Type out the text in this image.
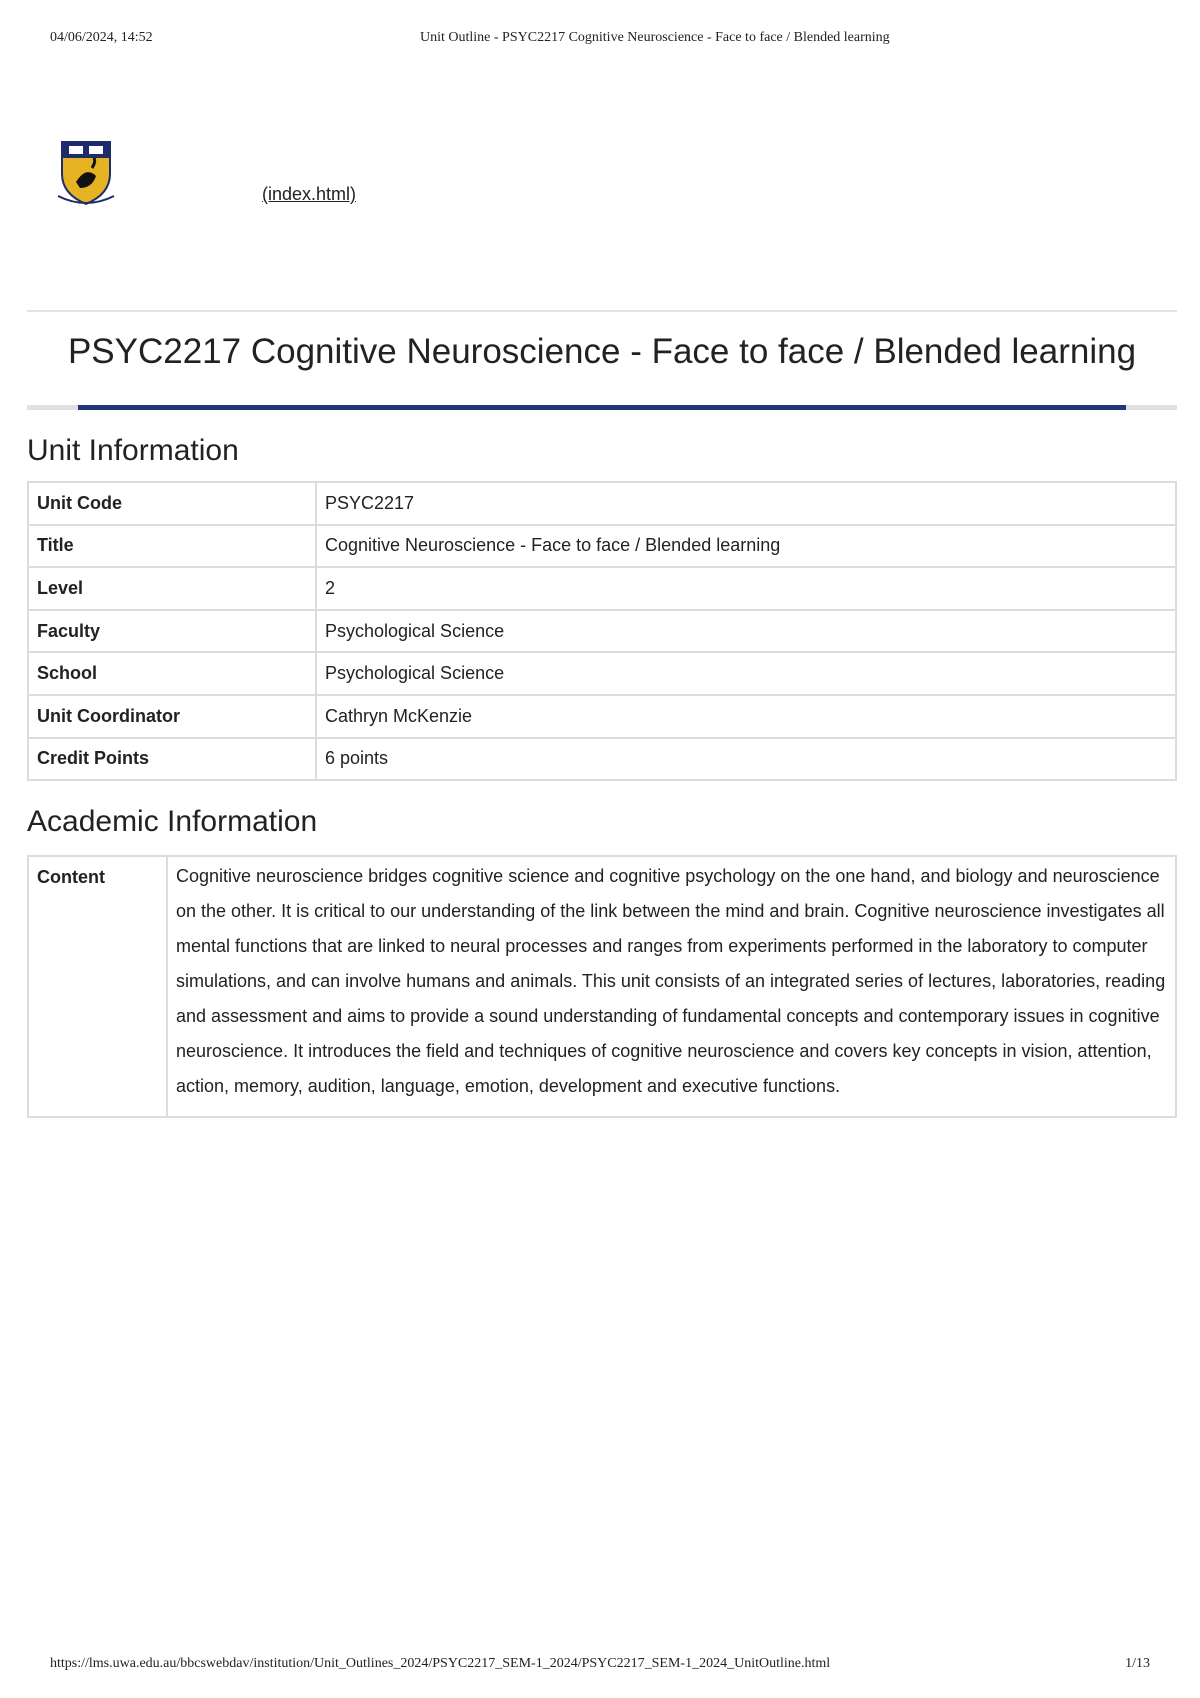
04/06/2024, 14:52	Unit Outline - PSYC2217 Cognitive Neuroscience - Face to face / Blended learning
(index.html)
PSYC2217 Cognitive Neuroscience - Face to face / Blended learning
Unit Information
Unit Code	PSYC2217
Title	Cognitive Neuroscience - Face to face / Blended learning
Level	2
Faculty	Psychological Science
School	Psychological Science
Unit Coordinator	Cathryn McKenzie
Credit Points	6 points
Academic Information
Content	Cognitive neuroscience bridges cognitive science and cognitive psychology on the one hand, and biology and neuroscience on the other. It is critical to our understanding of the link between the mind and brain. Cognitive neuroscience investigates all mental functions that are linked to neural processes and ranges from experiments performed in the laboratory to computer simulations, and can involve humans and animals. This unit consists of an integrated series of lectures, laboratories, reading and assessment and aims to provide a sound understanding of fundamental concepts and contemporary issues in cognitive neuroscience. It introduces the field and techniques of cognitive neuroscience and covers key concepts in vision, attention, action, memory, audition, language, emotion, development and executive functions.
https://lms.uwa.edu.au/bbcswebdav/institution/Unit_Outlines_2024/PSYC2217_SEM-1_2024/PSYC2217_SEM-1_2024_UnitOutline.html	1/13
